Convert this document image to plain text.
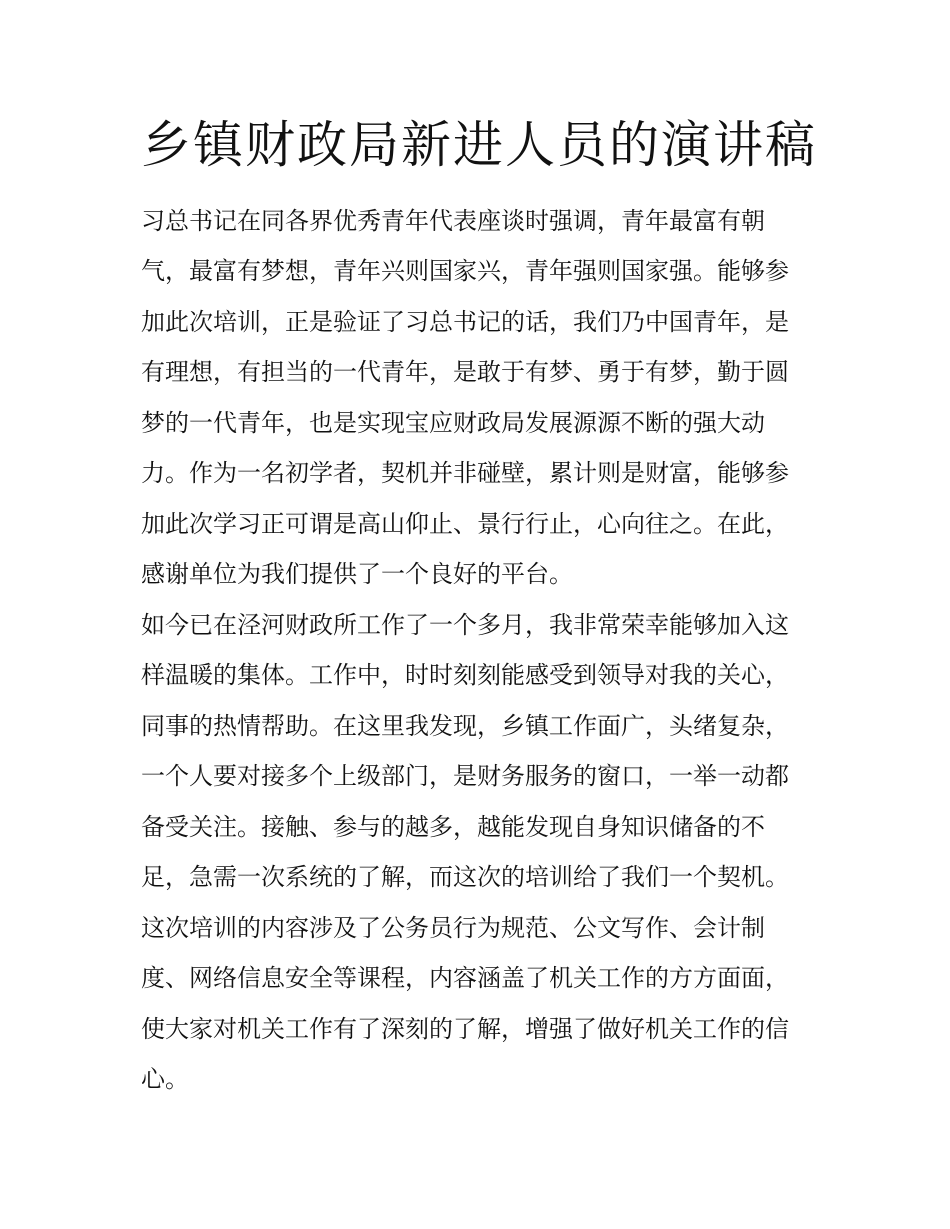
乡镇财政局新进人员的演讲稿

习总书记在同各界优秀青年代表座谈时强调，青年最富有朝

气，最富有梦想，青年兴则国家兴，青年强则国家强。能够参

加此次培训，正是验证了习总书记的话，我们乃中国青年，是

有理想，有担当的一代青年，是敢于有梦、勇于有梦，勤于圆

梦的一代青年，也是实现宝应财政局发展源源不断的强大动

力。作为一名初学者，契机并非碰壁，累计则是财富，能够参

加此次学习正可谓是高山仰止、景行行止，心向往之。在此，

感谢单位为我们提供了一个良好的平台。

如今已在泾河财政所工作了一个多月，我非常荣幸能够加入这

样温暖的集体。工作中，时时刻刻能感受到领导对我的关心，

同事的热情帮助。在这里我发现，乡镇工作面广，头绪复杂，

一个人要对接多个上级部门，是财务服务的窗口，一举一动都

备受关注。接触、参与的越多，越能发现自身知识储备的不

足，急需一次系统的了解，而这次的培训给了我们一个契机。

这次培训的内容涉及了公务员行为规范、公文写作、会计制

度、网络信息安全等课程，内容涵盖了机关工作的方方面面，

使大家对机关工作有了深刻的了解，增强了做好机关工作的信

心。
